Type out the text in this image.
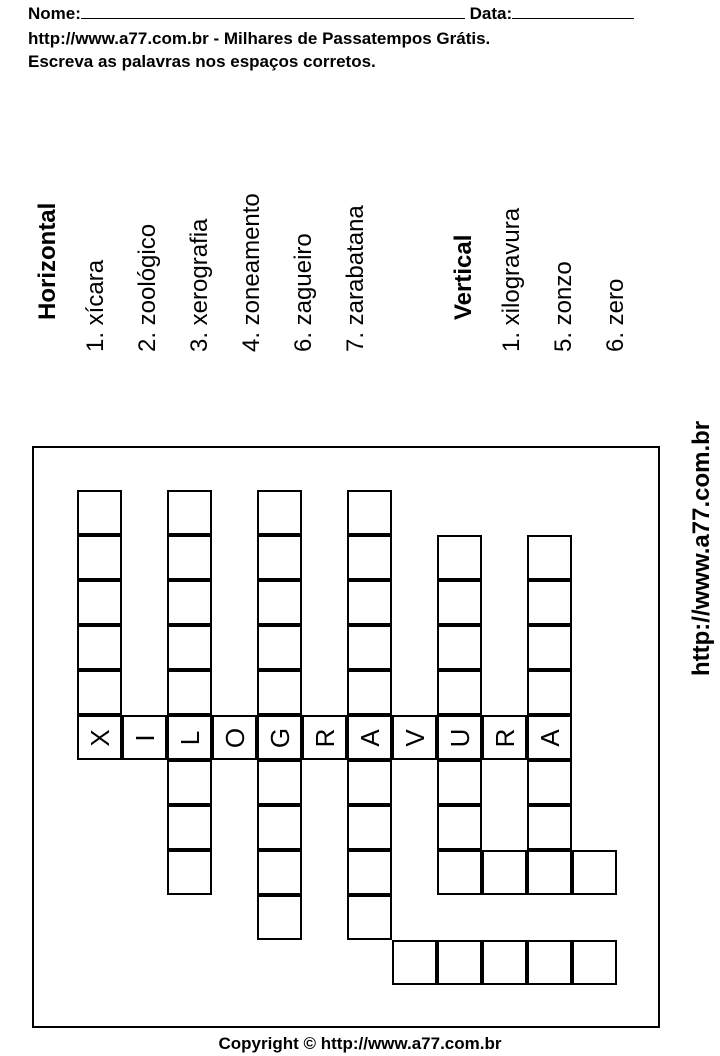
Nome:	Data:
http://www.a77.com.br - Milhares de Passatempos Grátis.
Escreva as palavras nos espaços corretos.
Horizontal 1. xícara 2. zoológico 3. xerografia 4. zoneamento 6. zagueiro 7. zarabatana	Vertical 1. xilogravura 5. zonzo 6. zero
http://www.a77.com.br
X I L O G R A V U R A
Copyright © http://www.a77.com.br
